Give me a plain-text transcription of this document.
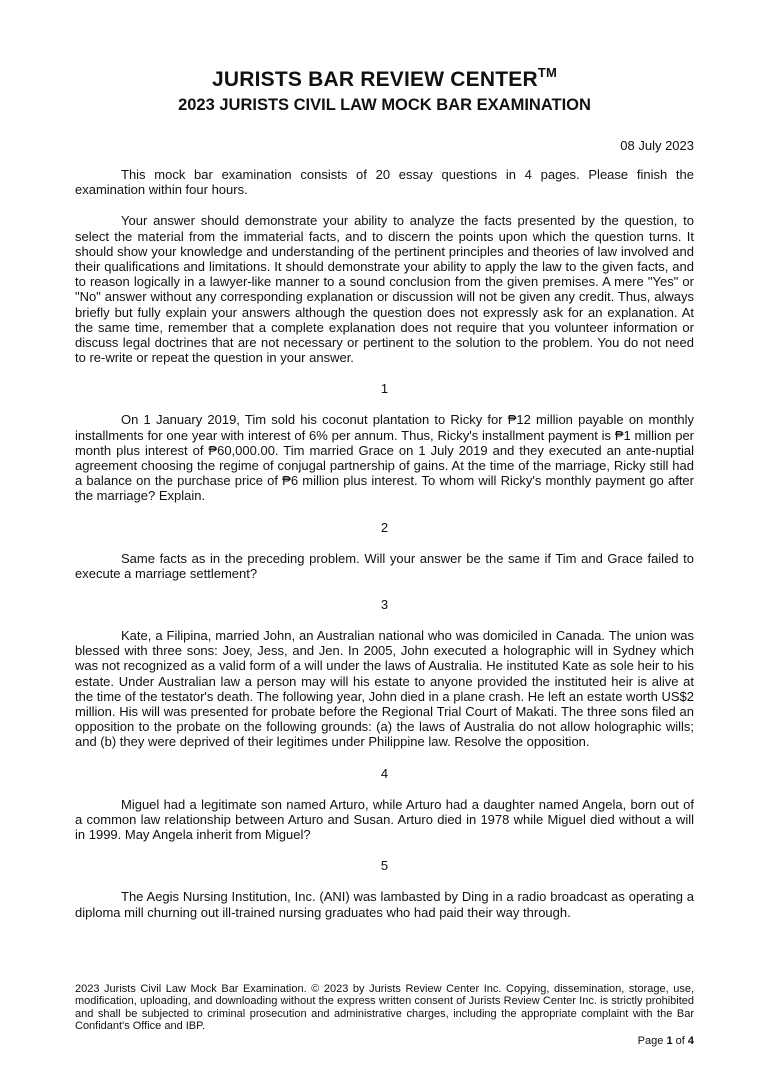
JURISTS BAR REVIEW CENTER™
2023 JURISTS CIVIL LAW MOCK BAR EXAMINATION
08 July 2023

This mock bar examination consists of 20 essay questions in 4 pages. Please finish the examination within four hours.

Your answer should demonstrate your ability to analyze the facts presented by the question, to select the material from the immaterial facts, and to discern the points upon which the question turns. It should show your knowledge and understanding of the pertinent principles and theories of law involved and their qualifications and limitations. It should demonstrate your ability to apply the law to the given facts, and to reason logically in a lawyer-like manner to a sound conclusion from the given premises. A mere "Yes" or "No" answer without any corresponding explanation or discussion will not be given any credit. Thus, always briefly but fully explain your answers although the question does not expressly ask for an explanation. At the same time, remember that a complete explanation does not require that you volunteer information or discuss legal doctrines that are not necessary or pertinent to the solution to the problem. You do not need to re-write or repeat the question in your answer.

1

On 1 January 2019, Tim sold his coconut plantation to Ricky for ₱12 million payable on monthly installments for one year with interest of 6% per annum. Thus, Ricky's installment payment is ₱1 million per month plus interest of ₱60,000.00. Tim married Grace on 1 July 2019 and they executed an ante-nuptial agreement choosing the regime of conjugal partnership of gains. At the time of the marriage, Ricky still had a balance on the purchase price of ₱6 million plus interest. To whom will Ricky's monthly payment go after the marriage? Explain.

2

Same facts as in the preceding problem. Will your answer be the same if Tim and Grace failed to execute a marriage settlement?

3

Kate, a Filipina, married John, an Australian national who was domiciled in Canada. The union was blessed with three sons: Joey, Jess, and Jen. In 2005, John executed a holographic will in Sydney which was not recognized as a valid form of a will under the laws of Australia. He instituted Kate as sole heir to his estate. Under Australian law a person may will his estate to anyone provided the instituted heir is alive at the time of the testator's death. The following year, John died in a plane crash. He left an estate worth US$2 million. His will was presented for probate before the Regional Trial Court of Makati. The three sons filed an opposition to the probate on the following grounds: (a) the laws of Australia do not allow holographic wills; and (b) they were deprived of their legitimes under Philippine law. Resolve the opposition.

4

Miguel had a legitimate son named Arturo, while Arturo had a daughter named Angela, born out of a common law relationship between Arturo and Susan. Arturo died in 1978 while Miguel died without a will in 1999. May Angela inherit from Miguel?

5

The Aegis Nursing Institution, Inc. (ANI) was lambasted by Ding in a radio broadcast as operating a diploma mill churning out ill-trained nursing graduates who had paid their way through.

2023 Jurists Civil Law Mock Bar Examination. © 2023 by Jurists Review Center Inc. Copying, dissemination, storage, use, modification, uploading, and downloading without the express written consent of Jurists Review Center Inc. is strictly prohibited and shall be subjected to criminal prosecution and administrative charges, including the appropriate complaint with the Bar Confidant's Office and IBP.
Page 1 of 4
